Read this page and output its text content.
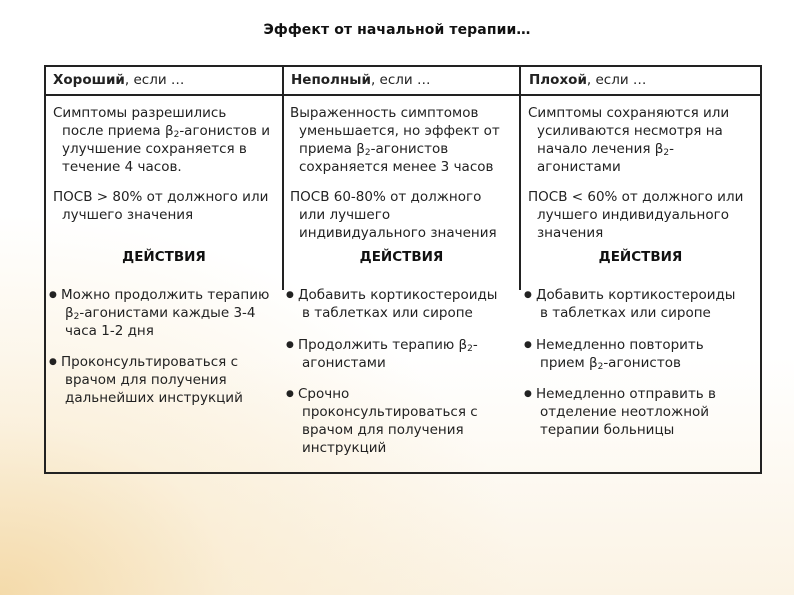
Эффект от начальной терапии…
Хороший, если …
Симптомы разрешились
после приема $\beta_2$-агонистов и
улучшение сохраняется в
течение 4 часов.
ПОСВ > 80% от должного или
лучшего значения
ДЕЙСТВИЯ
● Можно продолжить терапию
$\beta_2$-агонистами каждые 3-4
часа 1-2 дня
● Проконсультироваться с
врачом для получения
дальнейших инструкций
Неполный, если …
Выраженность симптомов
уменьшается, но эффект от
приема $\beta_2$-агонистов
сохраняется менее 3 часов
ПОСВ 60-80% от должного
или лучшего
индивидуального значения
ДЕЙСТВИЯ
● Добавить кортикостероиды
в таблетках или сиропе
● Продолжить терапию $\beta_2-$
агонистами
● Срочно
проконсультироваться с
врачом для получения
инструкций
Плохой, если …
Симптомы сохраняются или
усиливаются несмотря на
начало лечения $\beta_2-$
агонистами
ПОСВ < 60% от должного или
лучшего индивидуального
значения
ДЕЙСТВИЯ
● Добавить кортикостероиды
в таблетках или сиропе
● Немедленно повторить
прием $\beta_2$-агонистов
● Немедленно отправить в
отделение неотложной
терапии больницы
